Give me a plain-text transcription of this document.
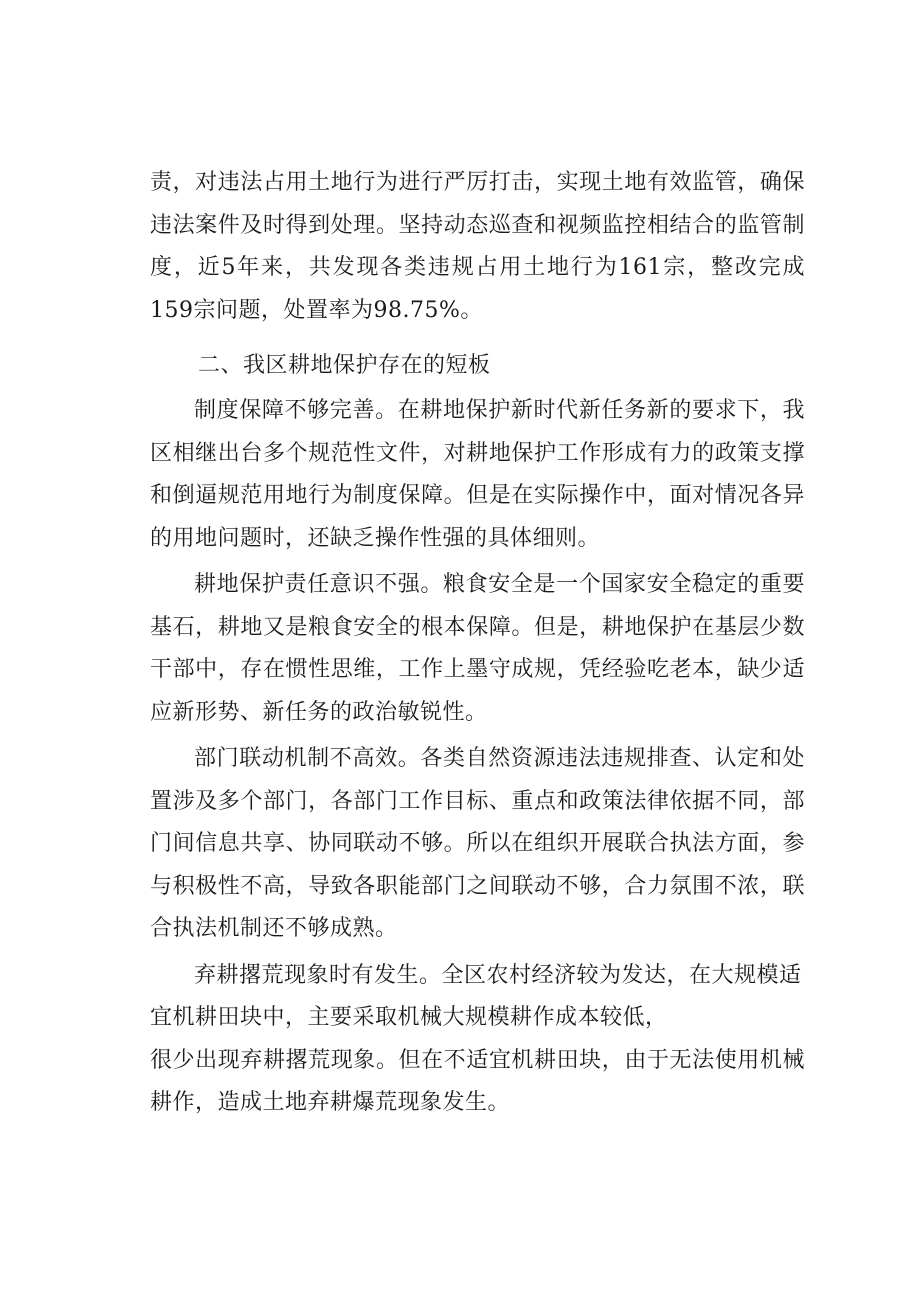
责，对违法占用土地行为进行严厉打击，实现土地有效监管，确保违法案件及时得到处理。坚持动态巡查和视频监控相结合的监管制度，近5年来，共发现各类违规占用土地行为161宗，整改完成159宗问题，处置率为98.75%。

二、我区耕地保护存在的短板

制度保障不够完善。在耕地保护新时代新任务新的要求下，我区相继出台多个规范性文件，对耕地保护工作形成有力的政策支撑和倒逼规范用地行为制度保障。但是在实际操作中，面对情况各异的用地问题时，还缺乏操作性强的具体细则。

耕地保护责任意识不强。粮食安全是一个国家安全稳定的重要基石，耕地又是粮食安全的根本保障。但是，耕地保护在基层少数干部中，存在惯性思维，工作上墨守成规，凭经验吃老本，缺少适应新形势、新任务的政治敏锐性。

部门联动机制不高效。各类自然资源违法违规排查、认定和处置涉及多个部门，各部门工作目标、重点和政策法律依据不同，部门间信息共享、协同联动不够。所以在组织开展联合执法方面，参与积极性不高，导致各职能部门之间联动不够，合力氛围不浓，联合执法机制还不够成熟。

弃耕撂荒现象时有发生。全区农村经济较为发达，在大规模适宜机耕田块中，主要采取机械大规模耕作成本较低，

很少出现弃耕撂荒现象。但在不适宜机耕田块，由于无法使用机械耕作，造成土地弃耕爆荒现象发生。
